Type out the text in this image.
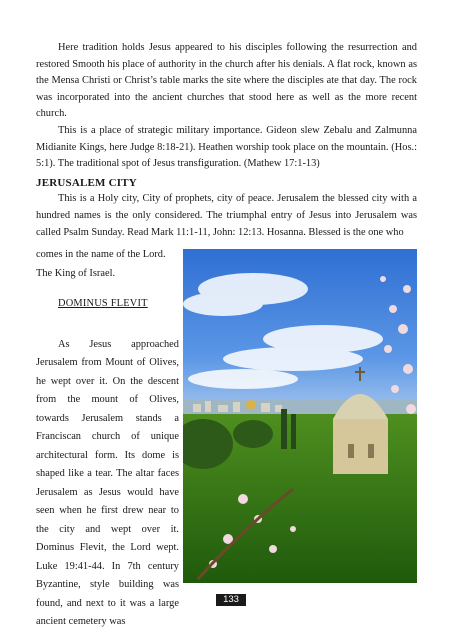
Here tradition holds Jesus appeared to his disciples following the resurrection and restored Smooth his place of authority in the church after his denials. A flat rock, known as the Mensa Christi or Christ’s table marks the site where the disciples ate that day. The rock was incorporated into the ancient churches that stood here as well as the more recent church.

This is a place of strategic military importance. Gideon slew Zebalu and Zalmunna Midianite Kings, here Judge 8:18-21). Heathen worship took place on the mountain. (Hos.: 5:1). The traditional spot of Jesus transfiguration. (Mathew 17:1-13)

JERUSALEM CITY

This is a Holy city, City of prophets, city of peace. Jerusalem the blessed city with a hundred names is the only considered. The triumphal entry of Jesus into Jerusalem was called Psalm Sunday. Read Mark 11:1-11, John: 12:13. Hosanna. Blessed is the one who

comes in the name of the Lord.

The King of Israel.

DOMINUS FLEVIT

As Jesus approached Jerusalem from Mount of Olives, he wept over it. On the descent from the mount of Olives, towards Jerusalem stands a Franciscan church of unique architectural form. Its dome is shaped like a tear. The altar faces Jerusalem as Jesus would have seen when he first drew near to the city and wept over it. Dominus Flevit, the Lord wept. Luke 19:41-44. In 7th century Byzantine, style building was found, and next to it was a large ancient cemetery was

133
